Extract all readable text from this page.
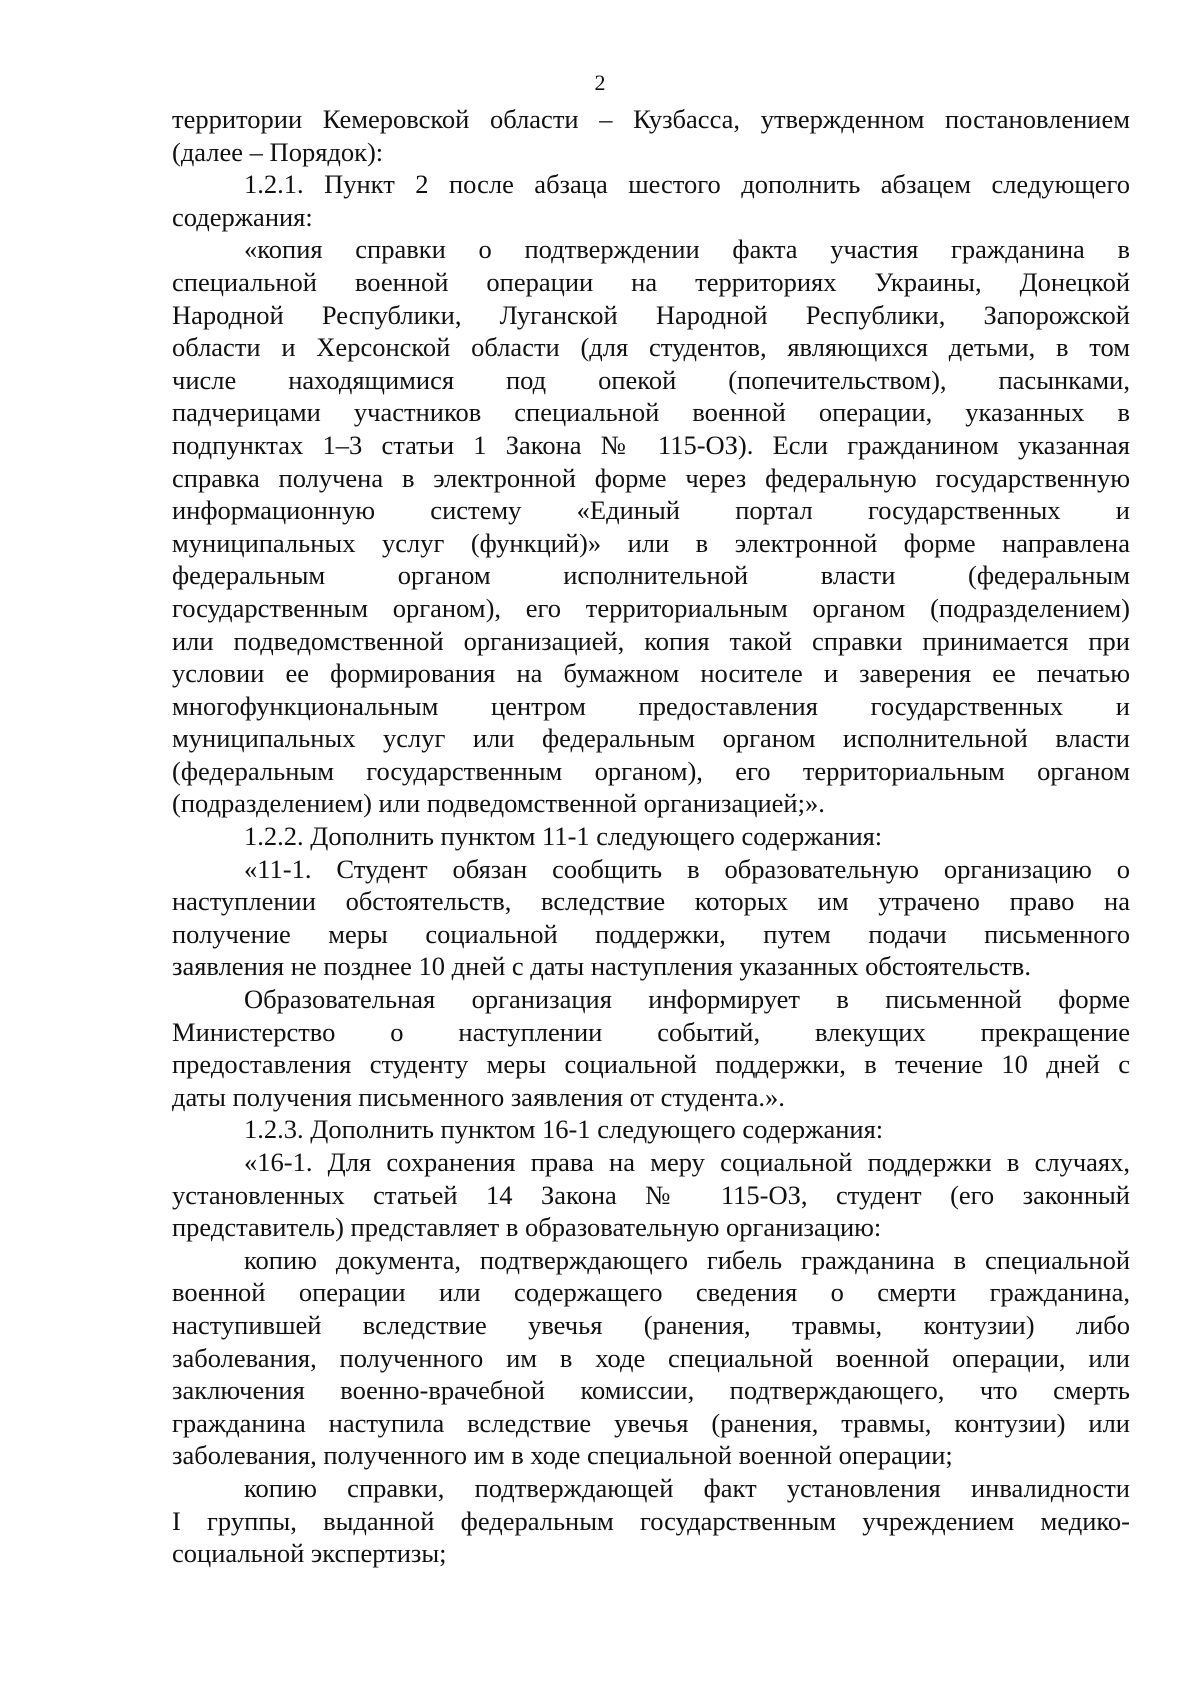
2
территории Кемеровской области – Кузбасса, утвержденном постановлением
(далее – Порядок):
1.2.1. Пункт 2 после абзаца шестого дополнить абзацем следующего
содержания:
«копия справки о подтверждении факта участия гражданина в
специальной военной операции на территориях Украины, Донецкой
Народной Республики, Луганской Народной Республики, Запорожской
области и Херсонской области (для студентов, являющихся детьми, в том
числе находящимися под опекой (попечительством), пасынками,
падчерицами участников специальной военной операции, указанных в
подпунктах 1–3 статьи 1 Закона № 115-ОЗ). Если гражданином указанная
справка получена в электронной форме через федеральную государственную
информационную систему «Единый портал государственных и
муниципальных услуг (функций)» или в электронной форме направлена
федеральным органом исполнительной власти (федеральным
государственным органом), его территориальным органом (подразделением)
или подведомственной организацией, копия такой справки принимается при
условии ее формирования на бумажном носителе и заверения ее печатью
многофункциональным центром предоставления государственных и
муниципальных услуг или федеральным органом исполнительной власти
(федеральным государственным органом), его территориальным органом
(подразделением) или подведомственной организацией;».
1.2.2. Дополнить пунктом 11-1 следующего содержания:
«11-1. Студент обязан сообщить в образовательную организацию о
наступлении обстоятельств, вследствие которых им утрачено право на
получение меры социальной поддержки, путем подачи письменного
заявления не позднее 10 дней с даты наступления указанных обстоятельств.
Образовательная организация информирует в письменной форме
Министерство о наступлении событий, влекущих прекращение
предоставления студенту меры социальной поддержки, в течение 10 дней с
даты получения письменного заявления от студента.».
1.2.3. Дополнить пунктом 16-1 следующего содержания:
«16-1. Для сохранения права на меру социальной поддержки в случаях,
установленных статьей 14 Закона № 115-ОЗ, студент (его законный
представитель) представляет в образовательную организацию:
копию документа, подтверждающего гибель гражданина в специальной
военной операции или содержащего сведения о смерти гражданина,
наступившей вследствие увечья (ранения, травмы, контузии) либо
заболевания, полученного им в ходе специальной военной операции, или
заключения военно-врачебной комиссии, подтверждающего, что смерть
гражданина наступила вследствие увечья (ранения, травмы, контузии) или
заболевания, полученного им в ходе специальной военной операции;
копию справки, подтверждающей факт установления инвалидности
I группы, выданной федеральным государственным учреждением медико-
социальной экспертизы;
